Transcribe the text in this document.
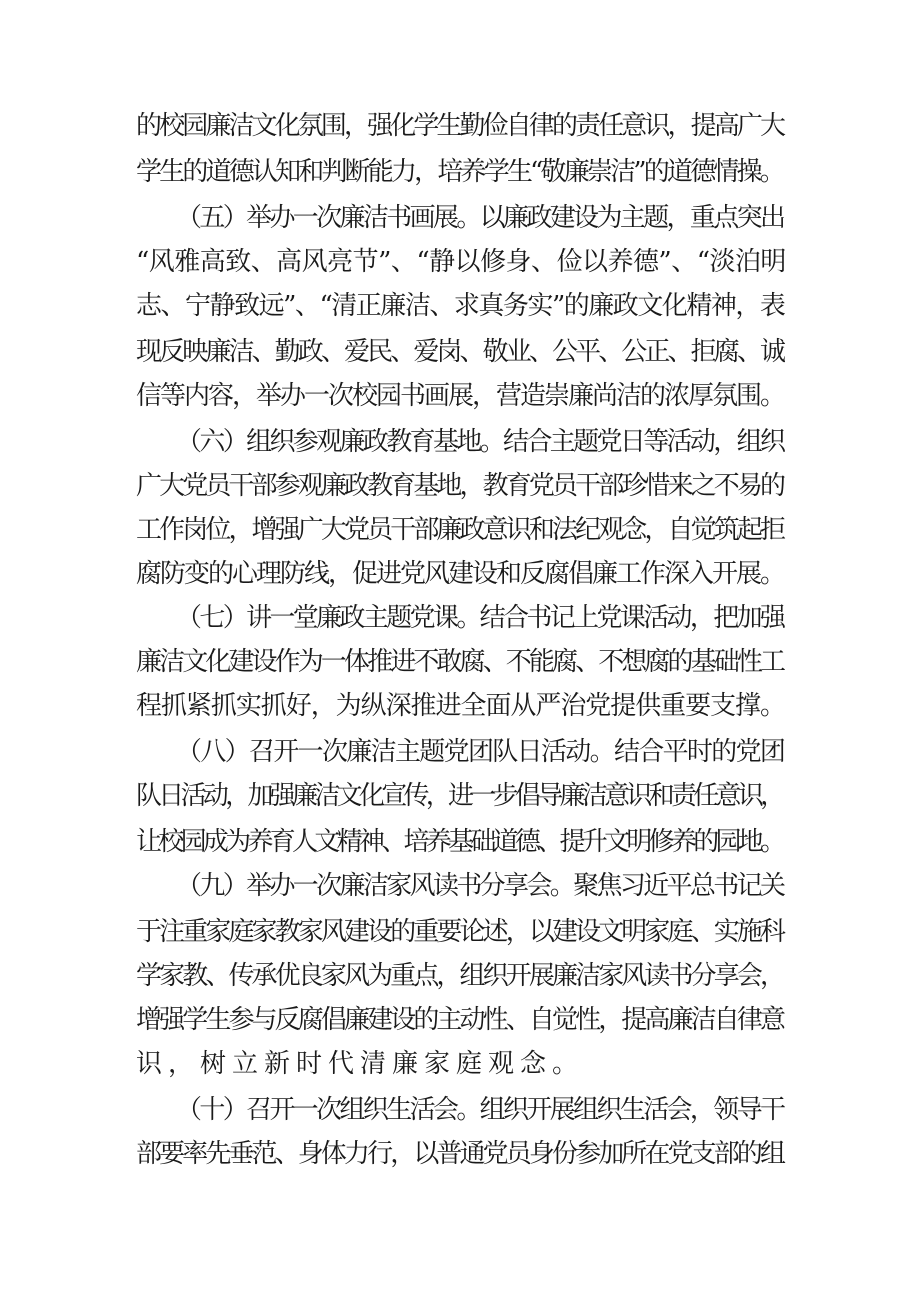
的校园廉洁文化氛围，强化学生勤俭自律的责任意识，提高广大
学生的道德认知和判断能力，培养学生“敬廉崇洁”的道德情操。
（五）举办一次廉洁书画展。以廉政建设为主题，重点突出
“风雅高致、高风亮节”、“静以修身、俭以养德”、“淡泊明
志、宁静致远”、“清正廉洁、求真务实”的廉政文化精神，表
现反映廉洁、勤政、爱民、爱岗、敬业、公平、公正、拒腐、诚
信等内容，举办一次校园书画展，营造崇廉尚洁的浓厚氛围。
（六）组织参观廉政教育基地。结合主题党日等活动，组织
广大党员干部参观廉政教育基地，教育党员干部珍惜来之不易的
工作岗位，增强广大党员干部廉政意识和法纪观念，自觉筑起拒
腐防变的心理防线，促进党风建设和反腐倡廉工作深入开展。
（七）讲一堂廉政主题党课。结合书记上党课活动，把加强
廉洁文化建设作为一体推进不敢腐、不能腐、不想腐的基础性工
程抓紧抓实抓好，为纵深推进全面从严治党提供重要支撑。
（八）召开一次廉洁主题党团队日活动。结合平时的党团
队日活动，加强廉洁文化宣传，进一步倡导廉洁意识和责任意识，
让校园成为养育人文精神、培养基础道德、提升文明修养的园地。
（九）举办一次廉洁家风读书分享会。聚焦习近平总书记关
于注重家庭家教家风建设的重要论述，以建设文明家庭、实施科
学家教、传承优良家风为重点，组织开展廉洁家风读书分享会，
增强学生参与反腐倡廉建设的主动性、自觉性，提高廉洁自律意
识，树立新时代清廉家庭观念。
（十）召开一次组织生活会。组织开展组织生活会，领导干
部要率先垂范、身体力行，以普通党员身份参加所在党支部的组
